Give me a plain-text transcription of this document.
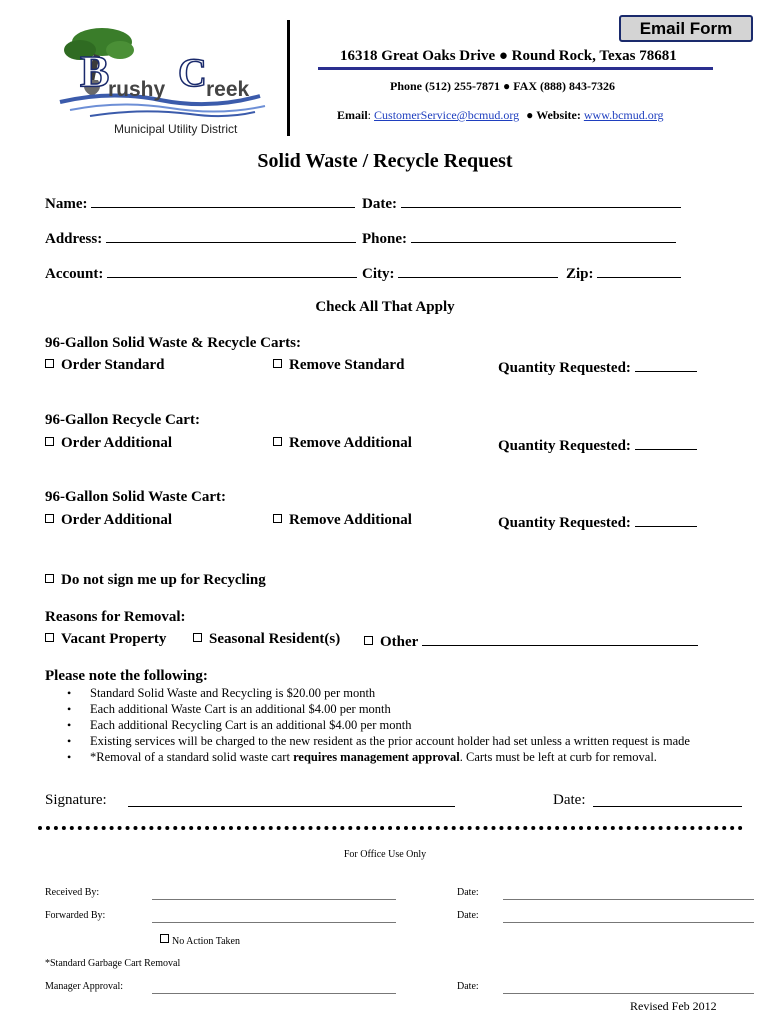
B C
rushy reek
Municipal Utility District
Email Form
16318 Great Oaks Drive ● Round Rock, Texas 78681
Phone (512) 255-7871 ● FAX (888) 843-7326
Email: CustomerService@bcmud.org ● Website: www.bcmud.org
Solid Waste / Recycle Request
Name:	Date:
Address:	Phone:
Account:	City:	Zip:
Check All That Apply
96-Gallon Solid Waste & Recycle Carts:
Order Standard	Remove Standard	Quantity Requested:
96-Gallon Recycle Cart:
Order Additional	Remove Additional	Quantity Requested:
96-Gallon Solid Waste Cart:
Order Additional	Remove Additional	Quantity Requested:
Do not sign me up for Recycling
Reasons for Removal:
Vacant Property	Seasonal Resident(s)	Other
Please note the following:
• Standard Solid Waste and Recycling is $20.00 per month
• Each additional Waste Cart is an additional $4.00 per month
• Each additional Recycling Cart is an additional $4.00 per month
• Existing services will be charged to the new resident as the prior account holder had set unless a written request is made
• *Removal of a standard solid waste cart requires management approval. Carts must be left at curb for removal.
Signature:	Date:
For Office Use Only
Received By:	Date:
Forwarded By:	Date:
No Action Taken
*Standard Garbage Cart Removal
Manager Approval:	Date:
Revised Feb 2012
